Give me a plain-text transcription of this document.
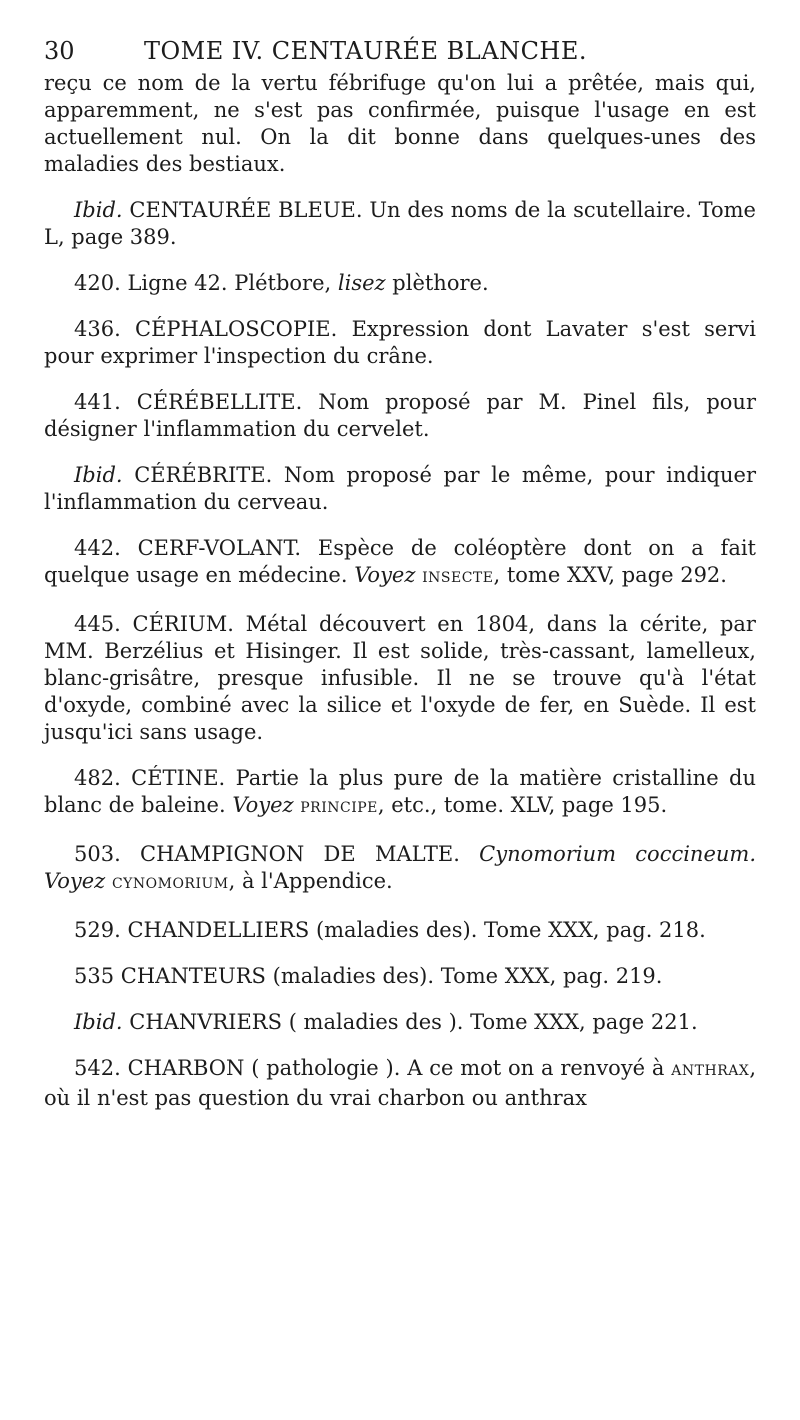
30	TOME IV. CENTAURÉE BLANCHE.

reçu ce nom de la vertu fébrifuge qu'on lui a prêtée, mais qui, apparemment, ne s'est pas confirmée, puisque l'usage en est actuellement nul. On la dit bonne dans quelques-unes des maladies des bestiaux.

Ibid. CENTAURÉE BLEUE. Un des noms de la scutellaire. Tome L, page 389.

420. Ligne 42. Plétbore, lisez plèthore.

436. CÉPHALOSCOPIE. Expression dont Lavater s'est servi pour exprimer l'inspection du crâne.

441. CÉRÉBELLITE. Nom proposé par M. Pinel fils, pour désigner l'inflammation du cervelet.

Ibid. CÉRÉBRITE. Nom proposé par le même, pour indiquer l'inflammation du cerveau.

442. CERF-VOLANT. Espèce de coléoptère dont on a fait quelque usage en médecine. Voyez INSECTE, tome XXV, page 292.

445. CÉRIUM. Métal découvert en 1804, dans la cérite, par MM. Berzélius et Hisinger. Il est solide, très-cassant, lamelleux, blanc-grisâtre, presque infusible. Il ne se trouve qu'à l'état d'oxyde, combiné avec la silice et l'oxyde de fer, en Suède. Il est jusqu'ici sans usage.

482. CÉTINE. Partie la plus pure de la matière cristalline du blanc de baleine. Voyez PRINCIPE, etc., tome. XLV, page 195.

503. CHAMPIGNON DE MALTE. Cynomorium coccineum. Voyez CYNOMORIUM, à l'Appendice.

529. CHANDELLIERS (maladies des). Tome XXX, pag. 218.

535 CHANTEURS (maladies des). Tome XXX, pag. 219.

Ibid. CHANVRIERS ( maladies des ). Tome XXX, page 221.

542. CHARBON ( pathologie ). A ce mot on a renvoyé à ANTHRAX, où il n'est pas question du vrai charbon ou anthrax
